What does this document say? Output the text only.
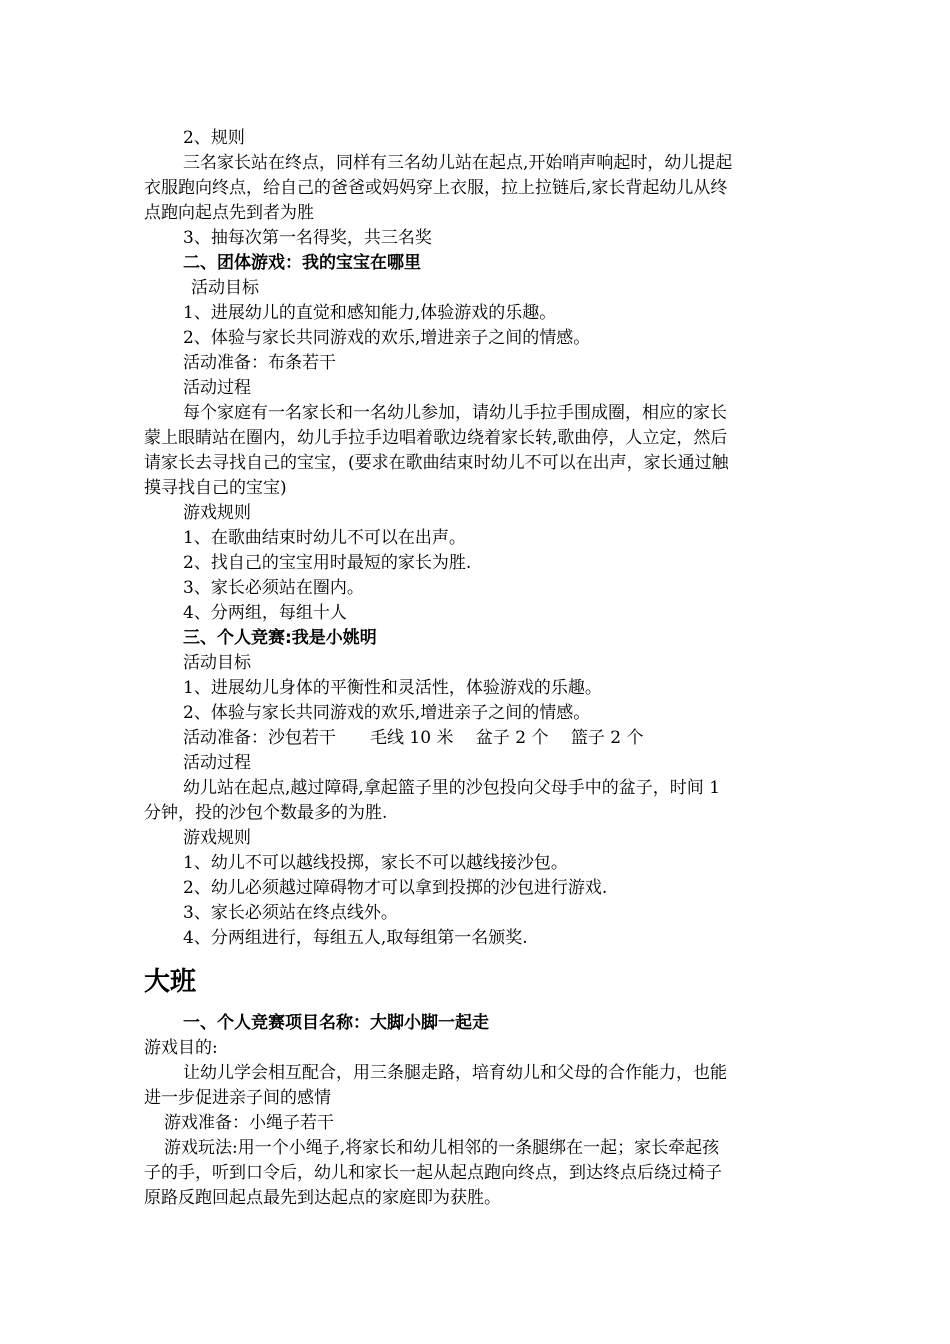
2、规则
三名家长站在终点，同样有三名幼儿站在起点,开始哨声响起时，幼儿提起
衣服跑向终点，给自己的爸爸或妈妈穿上衣服，拉上拉链后,家长背起幼儿从终
点跑向起点先到者为胜
3、抽每次第一名得奖，共三名奖
二、团体游戏：我的宝宝在哪里
活动目标
1、进展幼儿的直觉和感知能力,体验游戏的乐趣。
2、体验与家长共同游戏的欢乐,增进亲子之间的情感。
活动准备：布条若干
活动过程
每个家庭有一名家长和一名幼儿参加，请幼儿手拉手围成圈，相应的家长
蒙上眼睛站在圈内，幼儿手拉手边唱着歌边绕着家长转,歌曲停，人立定，然后
请家长去寻找自己的宝宝，(要求在歌曲结束时幼儿不可以在出声，家长通过触
摸寻找自己的宝宝)
游戏规则
1、在歌曲结束时幼儿不可以在出声。
2、找自己的宝宝用时最短的家长为胜.
3、家长必须站在圈内。
4、分两组，每组十人
三、个人竞赛:我是小姚明
活动目标
1、进展幼儿身体的平衡性和灵活性，体验游戏的乐趣。
2、体验与家长共同游戏的欢乐,增进亲子之间的情感。
活动准备：沙包若干　　毛线 10 米　 盆子 2 个　 篮子 2 个
活动过程
幼儿站在起点,越过障碍,拿起篮子里的沙包投向父母手中的盆子，时间 1
分钟，投的沙包个数最多的为胜.
游戏规则
1、幼儿不可以越线投掷，家长不可以越线接沙包。
2、幼儿必须越过障碍物才可以拿到投掷的沙包进行游戏.
3、家长必须站在终点线外。
4、分两组进行，每组五人,取每组第一名颁奖.
大班
一、个人竞赛项目名称：大脚小脚一起走
游戏目的:
让幼儿学会相互配合，用三条腿走路，培育幼儿和父母的合作能力，也能
进一步促进亲子间的感情
游戏准备：小绳子若干
游戏玩法:用一个小绳子,将家长和幼儿相邻的一条腿绑在一起；家长牵起孩
子的手，听到口令后，幼儿和家长一起从起点跑向终点，到达终点后绕过椅子
原路反跑回起点最先到达起点的家庭即为获胜。
